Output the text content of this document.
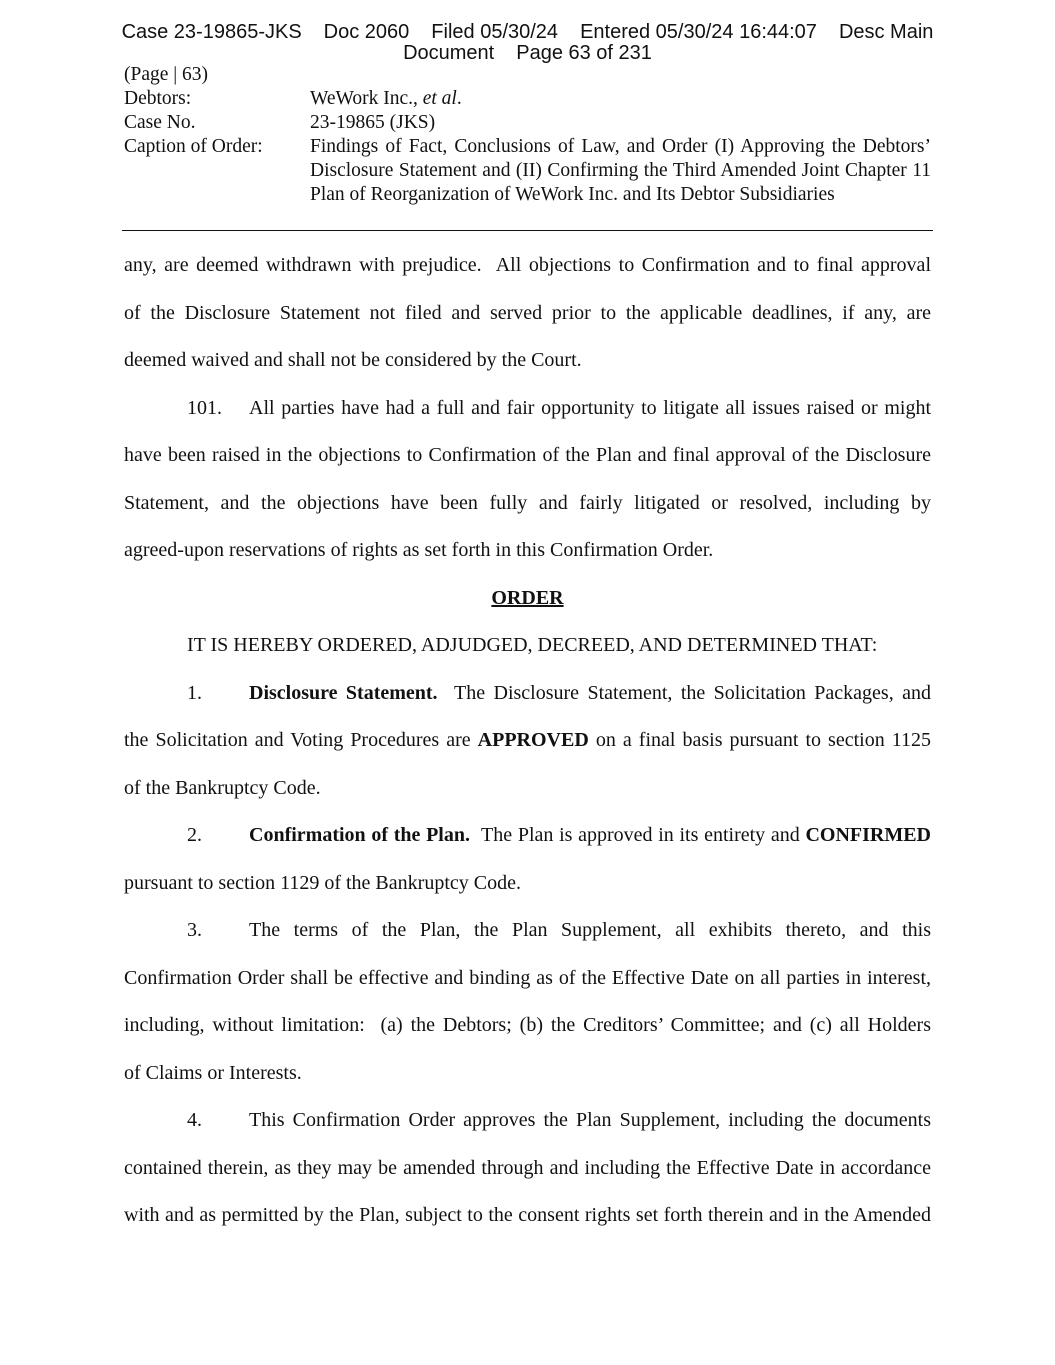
Case 23-19865-JKS Doc 2060 Filed 05/30/24 Entered 05/30/24 16:44:07 Desc Main
Document Page 63 of 231
(Page | 63)
Debtors:	WeWork Inc., et al.
Case No.	23-19865 (JKS)
Caption of Order:	Findings of Fact, Conclusions of Law, and Order (I) Approving the Debtors’ Disclosure Statement and (II) Confirming the Third Amended Joint Chapter 11 Plan of Reorganization of WeWork Inc. and Its Debtor Subsidiaries
any, are deemed withdrawn with prejudice.  All objections to Confirmation and to final approval
of the Disclosure Statement not filed and served prior to the applicable deadlines, if any, are
deemed waived and shall not be considered by the Court.
101. All parties have had a full and fair opportunity to litigate all issues raised or might
have been raised in the objections to Confirmation of the Plan and final approval of the Disclosure
Statement, and the objections have been fully and fairly litigated or resolved, including by
agreed-upon reservations of rights as set forth in this Confirmation Order.
ORDER
IT IS HEREBY ORDERED, ADJUDGED, DECREED, AND DETERMINED THAT:
1. Disclosure Statement.  The Disclosure Statement, the Solicitation Packages, and
the Solicitation and Voting Procedures are APPROVED on a final basis pursuant to section 1125
of the Bankruptcy Code.
2. Confirmation of the Plan.  The Plan is approved in its entirety and CONFIRMED
pursuant to section 1129 of the Bankruptcy Code.
3. The terms of the Plan, the Plan Supplement, all exhibits thereto, and this
Confirmation Order shall be effective and binding as of the Effective Date on all parties in interest,
including, without limitation:  (a) the Debtors; (b) the Creditors’ Committee; and (c) all Holders
of Claims or Interests.
4. This Confirmation Order approves the Plan Supplement, including the documents
contained therein, as they may be amended through and including the Effective Date in accordance
with and as permitted by the Plan, subject to the consent rights set forth therein and in the Amended
